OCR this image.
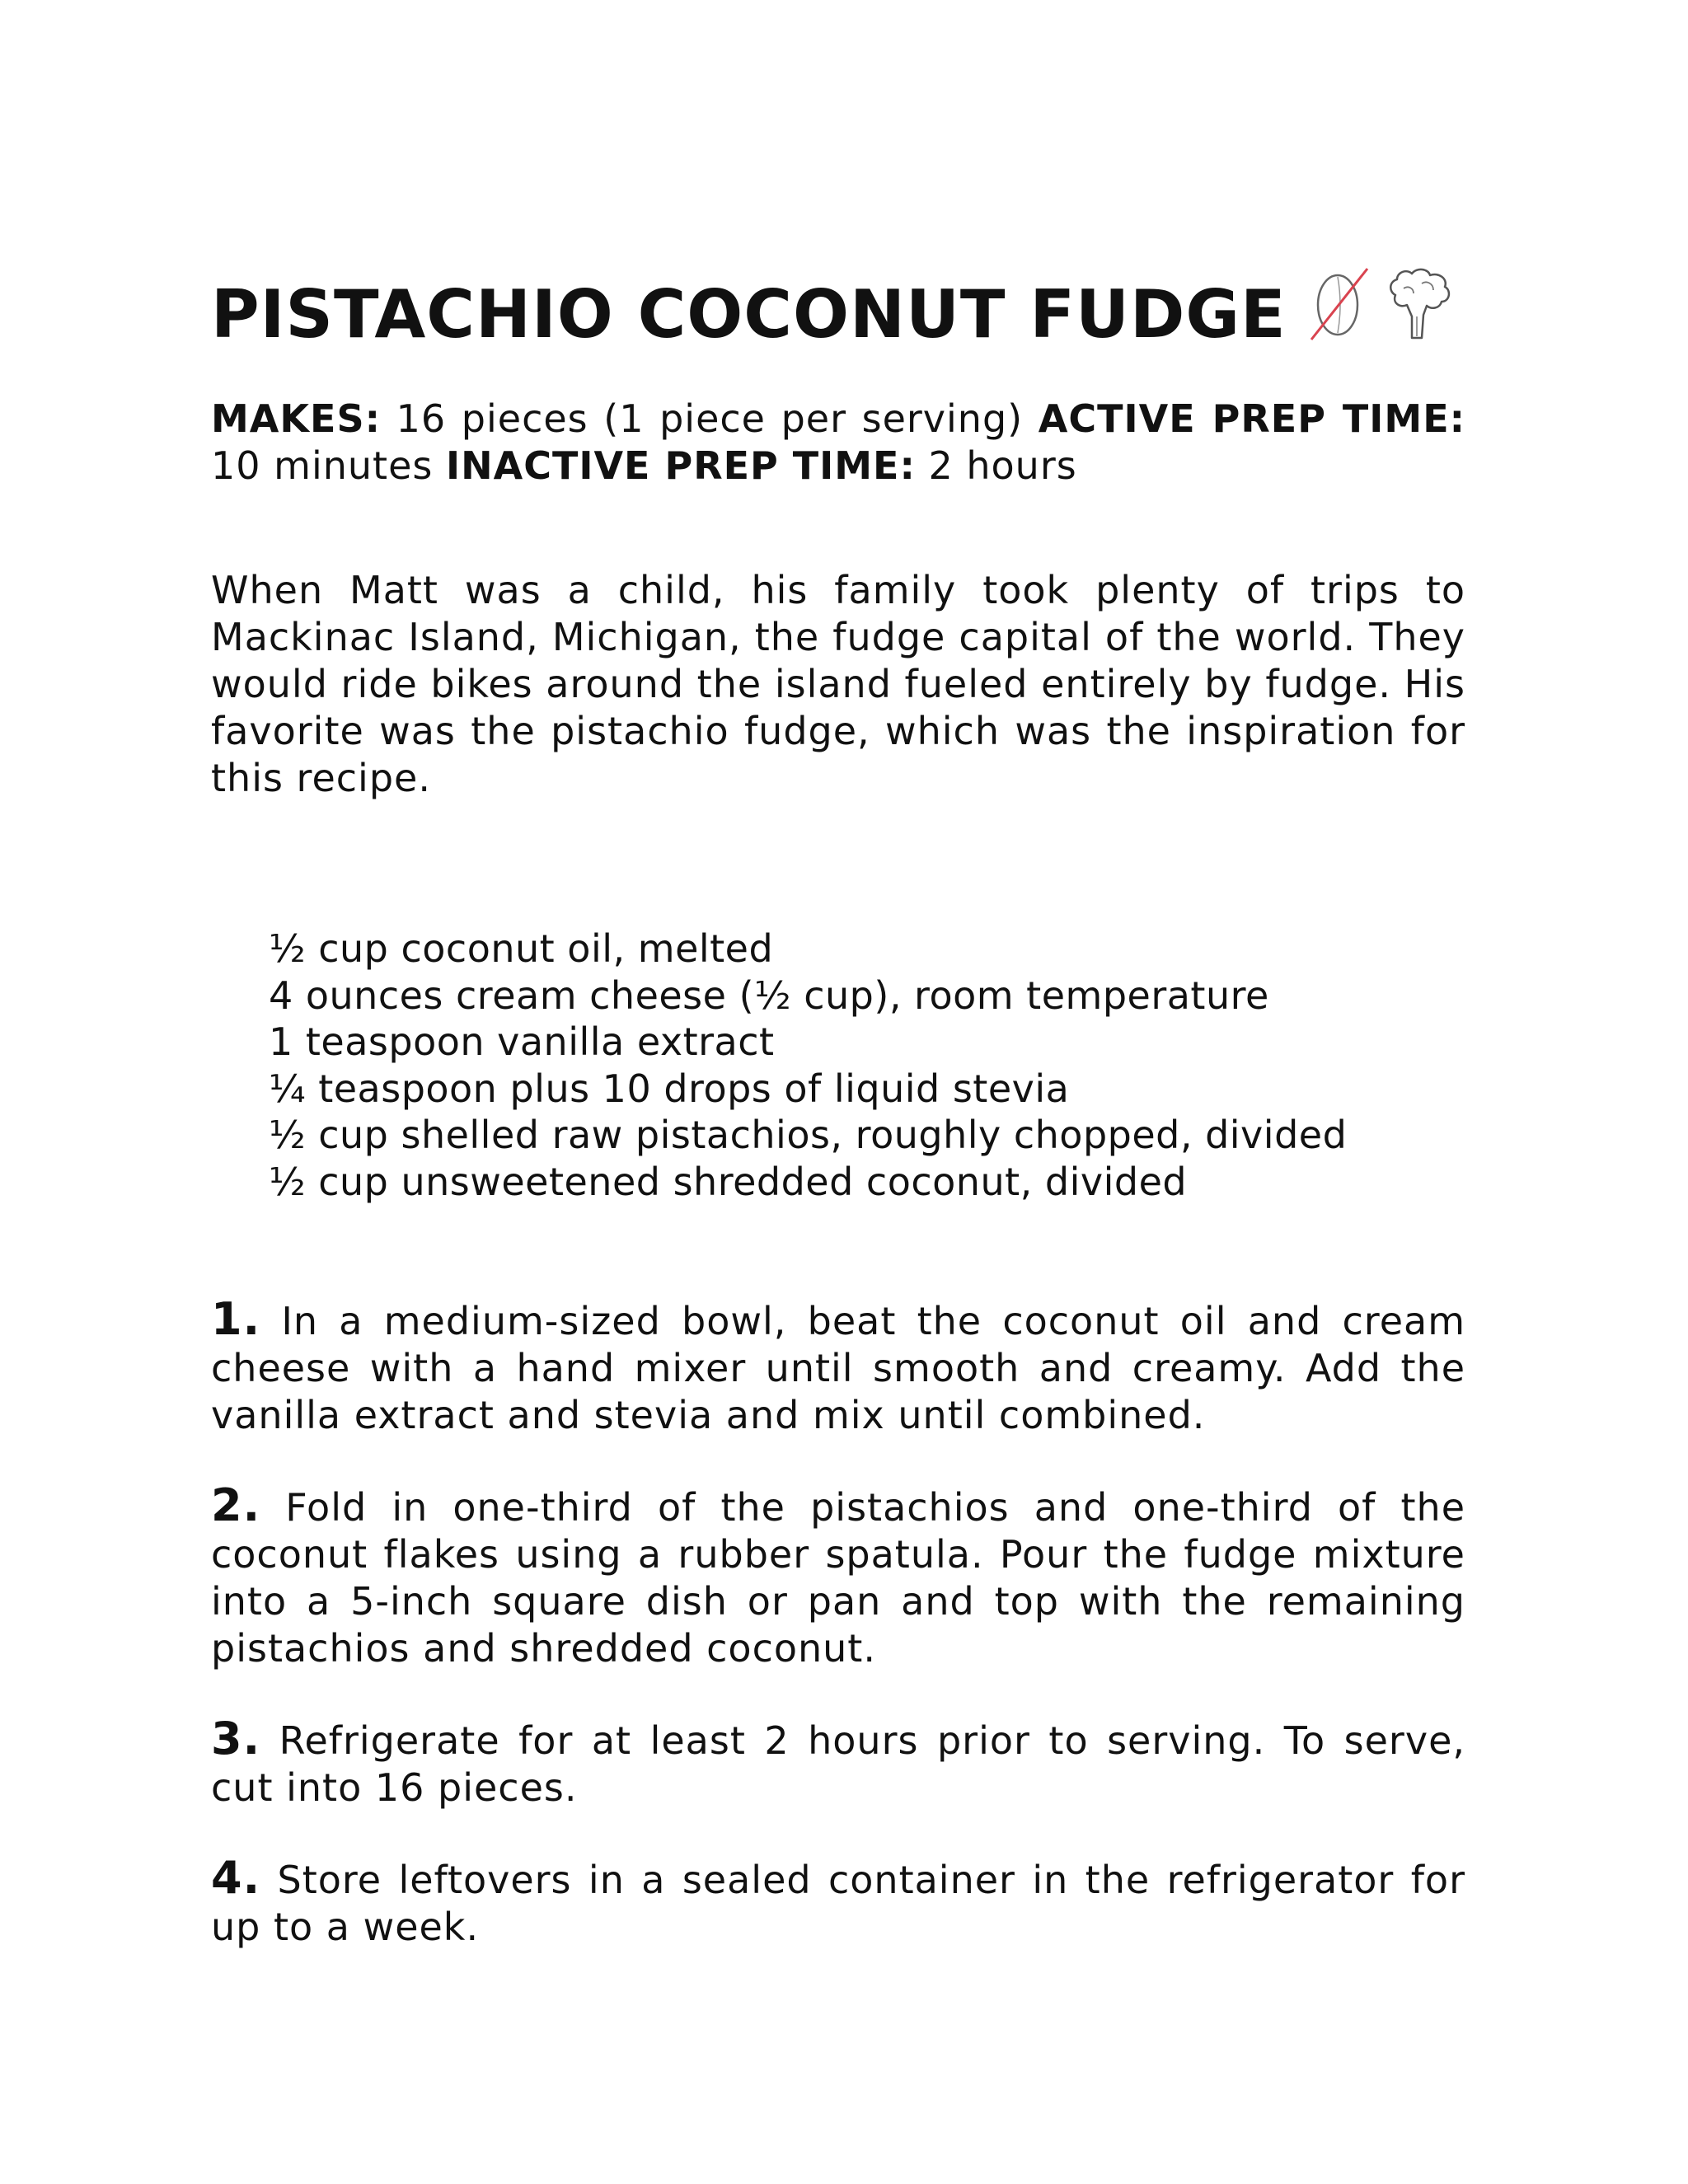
PISTACHIO COCONUT FUDGE

MAKES: 16 pieces (1 piece per serving) ACTIVE PREP TIME: 10 minutes INACTIVE PREP TIME: 2 hours

When Matt was a child, his family took plenty of trips to Mackinac Island, Michigan, the fudge capital of the world. They would ride bikes around the island fueled entirely by fudge. His favorite was the pistachio fudge, which was the inspiration for this recipe.

½ cup coconut oil, melted
4 ounces cream cheese (½ cup), room temperature
1 teaspoon vanilla extract
¼ teaspoon plus 10 drops of liquid stevia
½ cup shelled raw pistachios, roughly chopped, divided
½ cup unsweetened shredded coconut, divided

1. In a medium-sized bowl, beat the coconut oil and cream cheese with a hand mixer until smooth and creamy. Add the vanilla extract and stevia and mix until combined.

2. Fold in one-third of the pistachios and one-third of the coconut flakes using a rubber spatula. Pour the fudge mixture into a 5-inch square dish or pan and top with the remaining pistachios and shredded coconut.

3. Refrigerate for at least 2 hours prior to serving. To serve, cut into 16 pieces.

4. Store leftovers in a sealed container in the refrigerator for up to a week.
